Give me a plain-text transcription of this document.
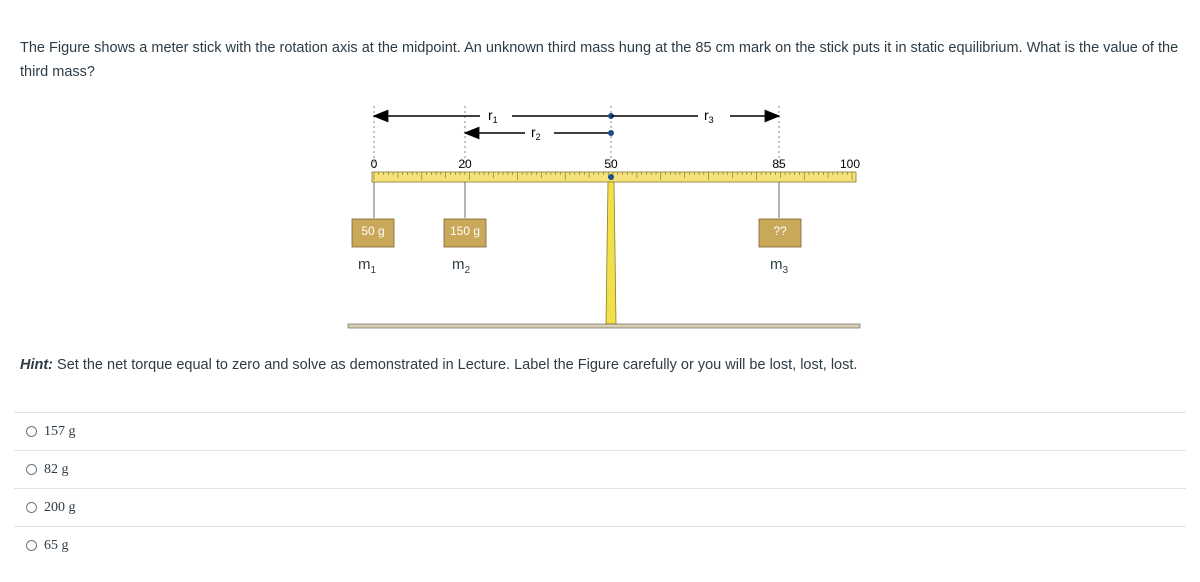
The Figure shows a meter stick with the rotation axis at the midpoint. An unknown third mass hung at the 85 cm mark on the stick puts it in static equilibrium. What is the value of the third mass?
$r_1$
$r_2$
$r_3$
0	20	50	85	100
50 g	150 g	??
$m_1$	$m_2$	$m_3$
Hint: Set the net torque equal to zero and solve as demonstrated in Lecture. Label the Figure carefully or you will be lost, lost, lost.
157 g
82 g
200 g
65 g
